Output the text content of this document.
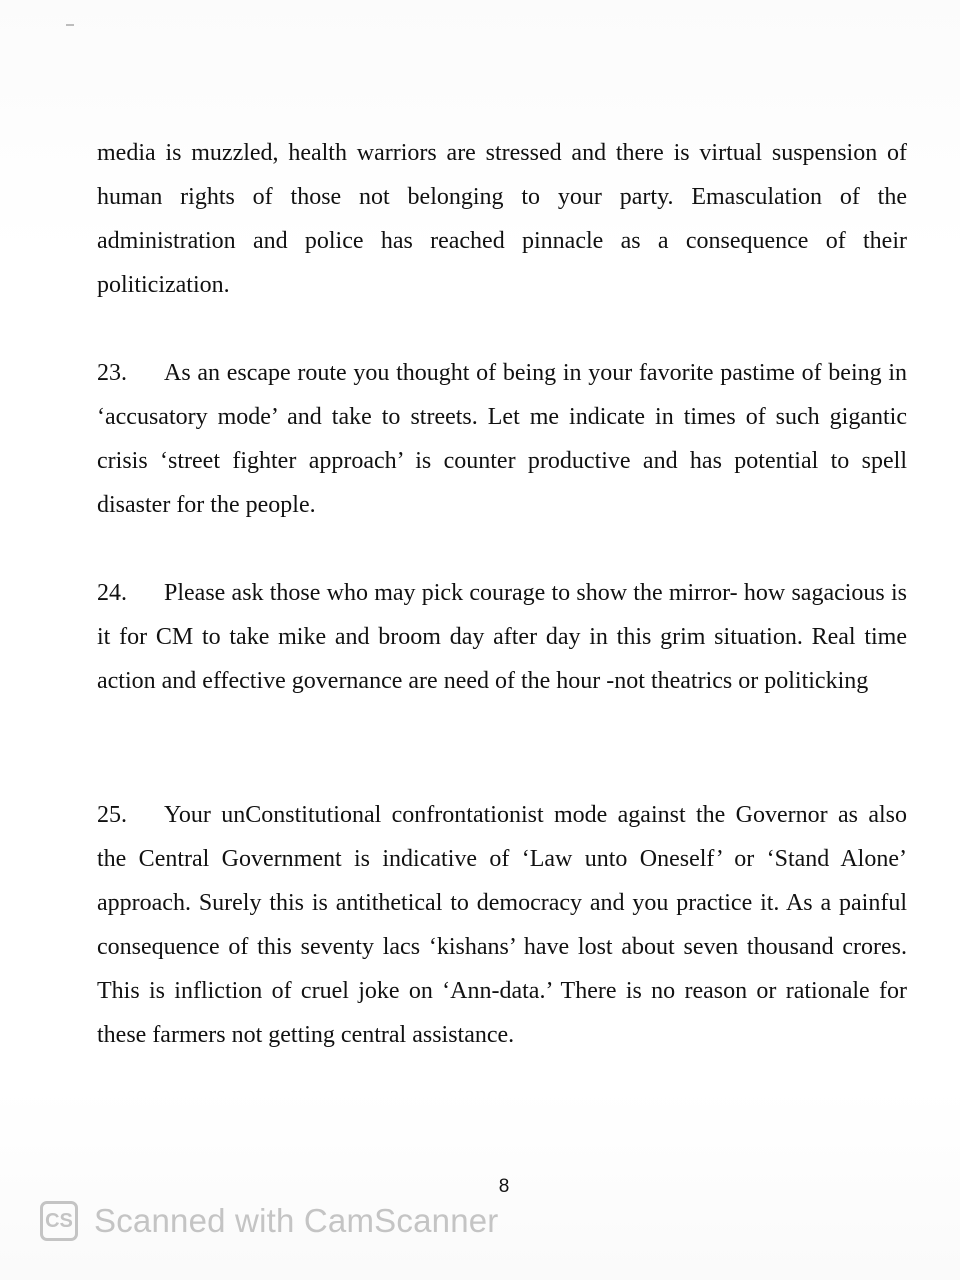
media is muzzled, health warriors are stressed and there is virtual suspension of human rights of those not belonging to your party. Emasculation of the administration and police has reached pinnacle as a consequence of their politicization.

23. As an escape route you thought of being in your favorite pastime of being in ‘accusatory mode’ and take to streets. Let me indicate in times of such gigantic crisis ‘street fighter approach’ is counter productive and has potential to spell disaster for the people.

24. Please ask those who may pick courage to show the mirror- how sagacious is it for CM to take mike and broom day after day in this grim situation. Real time action and effective governance are need of the hour -not theatrics or politicking

25. Your unConstitutional confrontationist mode against the Governor as also the Central Government is indicative of ‘Law unto Oneself’ or ‘Stand Alone’ approach. Surely this is antithetical to democracy and you practice it. As a painful consequence of this seventy lacs ‘kishans’ have lost about seven thousand crores. This is infliction of cruel joke on ‘Ann-data.’ There is no reason or rationale for these farmers not getting central assistance.

8
CS Scanned with CamScanner
